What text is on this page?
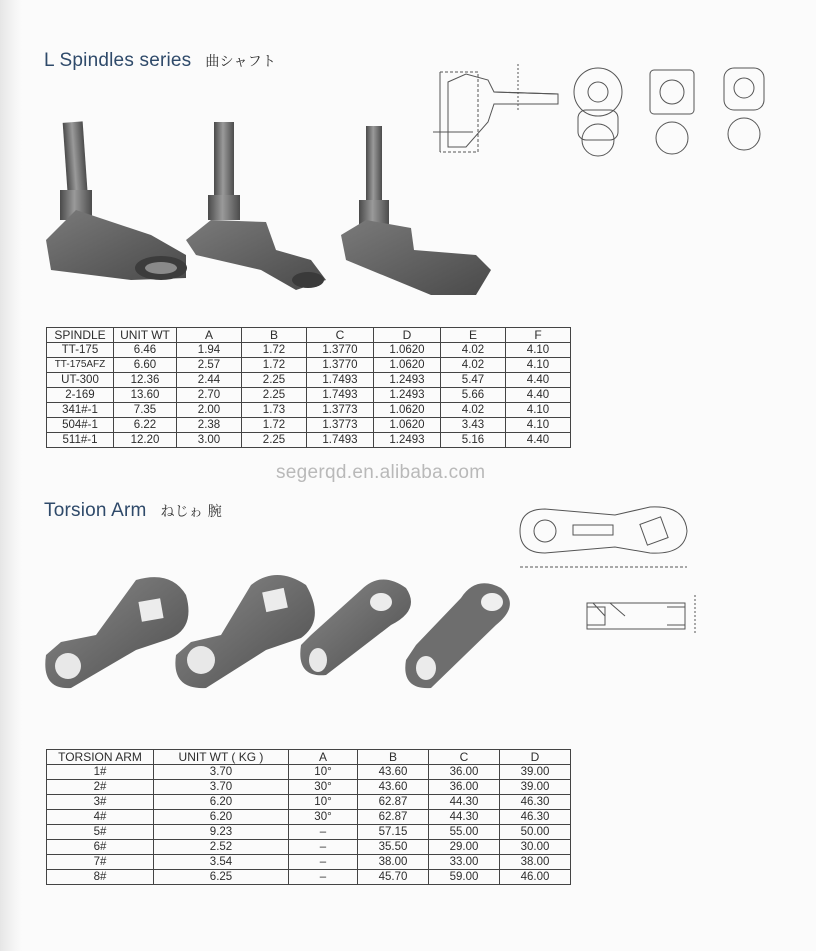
L Spindles series 曲シャフト
SPINDLE	UNIT WT	A	B	C	D	E	F
TT-175	6.46	1.94	1.72	1.3770	1.0620	4.02	4.10
TT-175AFZ	6.60	2.57	1.72	1.3770	1.0620	4.02	4.10
UT-300	12.36	2.44	2.25	1.7493	1.2493	5.47	4.40
2-169	13.60	2.70	2.25	1.7493	1.2493	5.66	4.40
341#-1	7.35	2.00	1.73	1.3773	1.0620	4.02	4.10
504#-1	6.22	2.38	1.72	1.3773	1.0620	3.43	4.10
511#-1	12.20	3.00	2.25	1.7493	1.2493	5.16	4.40
segerqd.en.alibaba.com
Torsion Arm ねじゎ 腕
TORSION ARM	UNIT WT ( KG )	A	B	C	D
1#	3.70	10°	43.60	36.00	39.00
2#	3.70	30°	43.60	36.00	39.00
3#	6.20	10°	62.87	44.30	46.30
4#	6.20	30°	62.87	44.30	46.30
5#	9.23	–	57.15	55.00	50.00
6#	2.52	–	35.50	29.00	30.00
7#	3.54	–	38.00	33.00	38.00
8#	6.25	–	45.70	59.00	46.00
